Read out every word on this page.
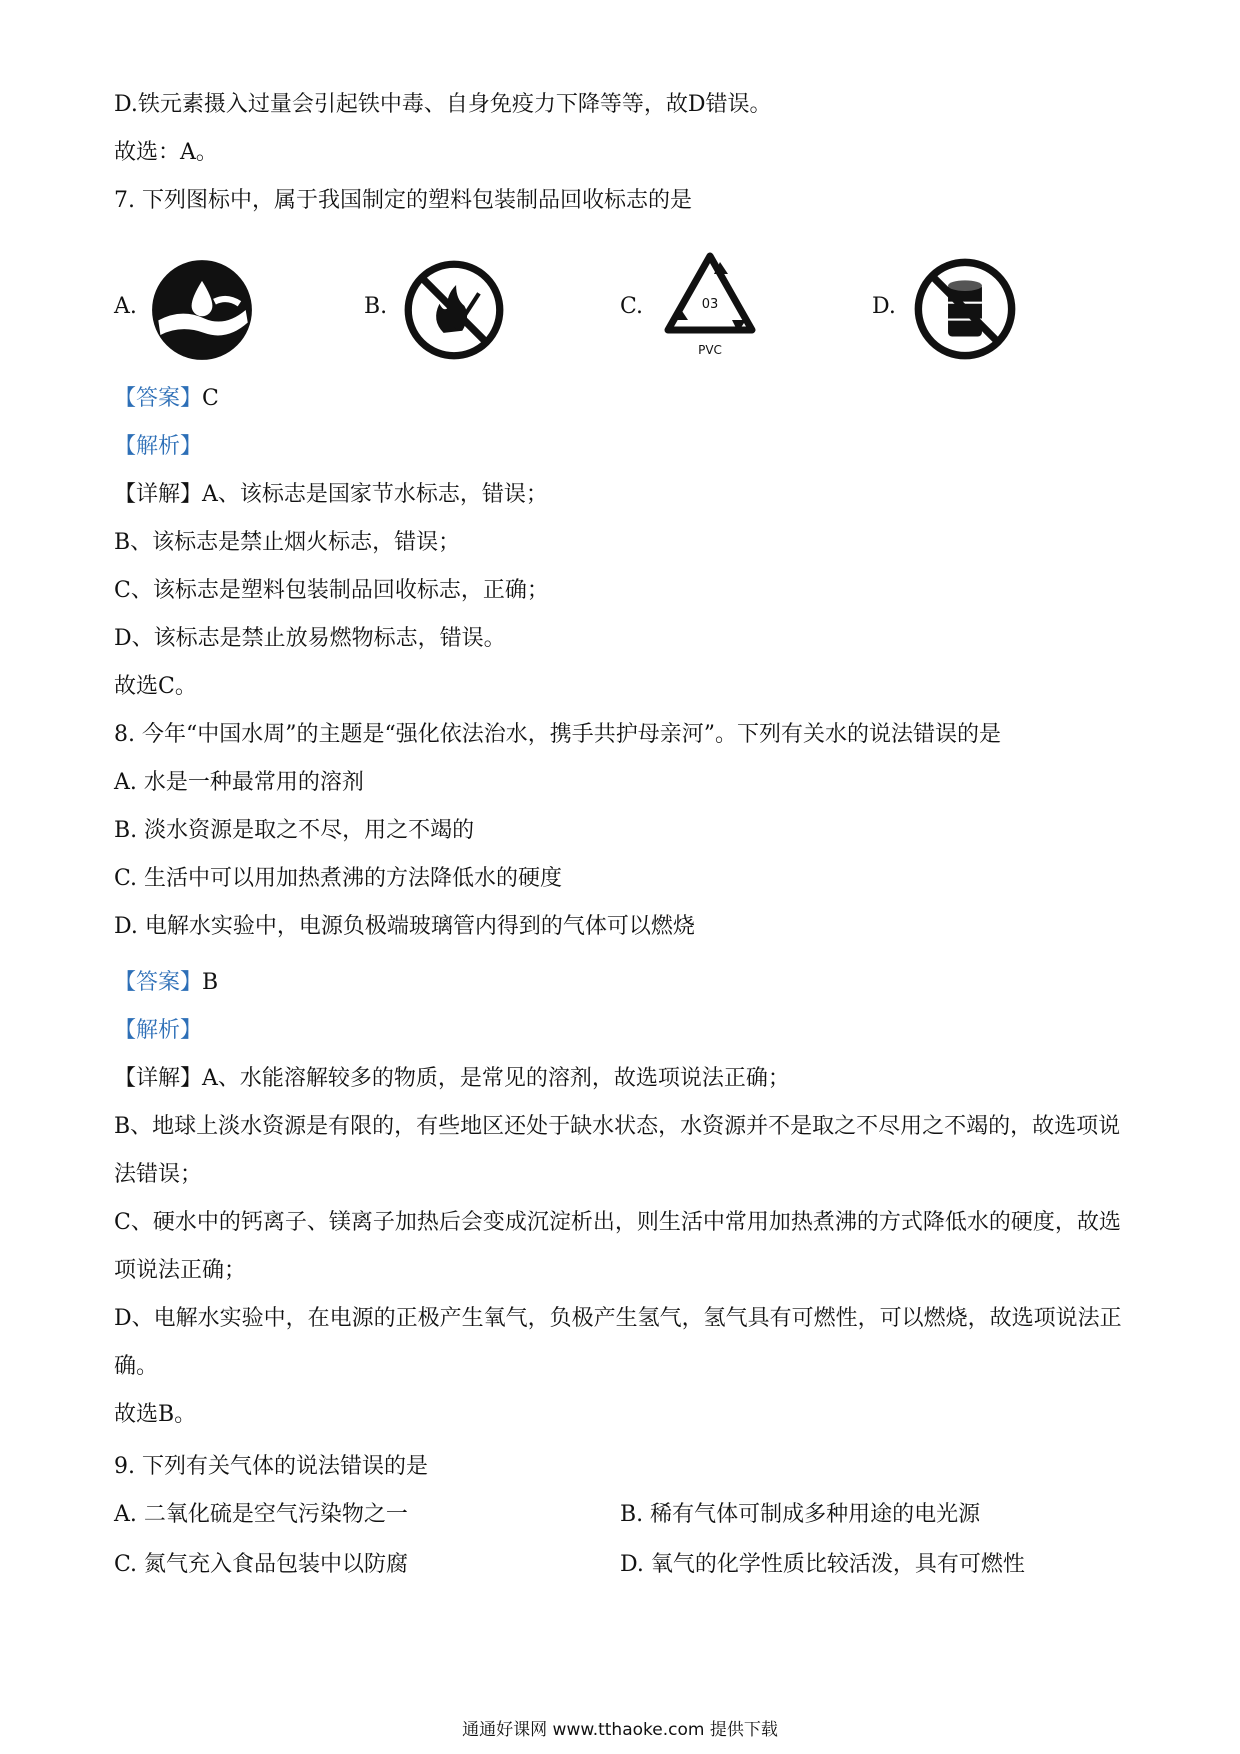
D.铁元素摄入过量会引起铁中毒、自身免疫力下降等等，故D错误。
故选：A。
7. 下列图标中，属于我国制定的塑料包装制品回收标志的是
A.	B.	C.	03
PVC
D.
【答案】C
【解析】
【详解】A、该标志是国家节水标志，错误；
B、该标志是禁止烟火标志，错误；
C、该标志是塑料包装制品回收标志，正确；
D、该标志是禁止放易燃物标志，错误。
故选C。
8. 今年“中国水周”的主题是“强化依法治水，携手共护母亲河”。下列有关水的说法错误的是
A. 水是一种最常用的溶剂
B. 淡水资源是取之不尽，用之不竭的
C. 生活中可以用加热煮沸的方法降低水的硬度
D. 电解水实验中，电源负极端玻璃管内得到的气体可以燃烧
【答案】B
【解析】
【详解】A、水能溶解较多的物质，是常见的溶剂，故选项说法正确；
B、地球上淡水资源是有限的，有些地区还处于缺水状态，水资源并不是取之不尽用之不竭的，故选项说
法错误；
C、硬水中的钙离子、镁离子加热后会变成沉淀析出，则生活中常用加热煮沸的方式降低水的硬度，故选
项说法正确；
D、电解水实验中，在电源的正极产生氧气，负极产生氢气，氢气具有可燃性，可以燃烧，故选项说法正
确。
故选B。
9. 下列有关气体的说法错误的是
A. 二氧化硫是空气污染物之一	B. 稀有气体可制成多种用途的电光源
C. 氮气充入食品包装中以防腐	D. 氧气的化学性质比较活泼，具有可燃性
通通好课网 www.tthaoke.com 提供下载
